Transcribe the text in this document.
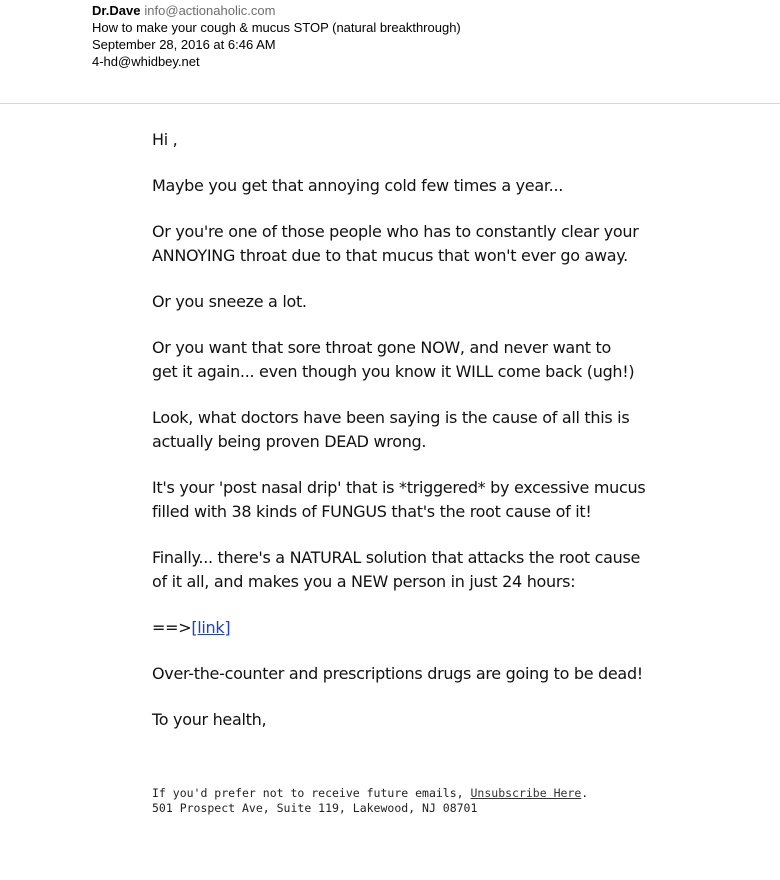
Dr.Dave info@actionaholic.com
How to make your cough & mucus STOP (natural breakthrough)
September 28, 2016 at 6:46 AM
4-hd@whidbey.net

Hi ,

Maybe you get that annoying cold few times a year...

Or you're one of those people who has to constantly clear your
ANNOYING throat due to that mucus that won't ever go away.

Or you sneeze a lot.

Or you want that sore throat gone NOW, and never want to
get it again... even though you know it WILL come back (ugh!)

Look, what doctors have been saying is the cause of all this is
actually being proven DEAD wrong.

It's your 'post nasal drip' that is *triggered* by excessive mucus
filled with 38 kinds of FUNGUS that's the root cause of it!

Finally... there's a NATURAL solution that attacks the root cause
of it all, and makes you a NEW person in just 24 hours:

==>[link]

Over-the-counter and prescriptions drugs are going to be dead!

To your health,

If you'd prefer not to receive future emails, Unsubscribe Here.
501 Prospect Ave, Suite 119, Lakewood, NJ 08701
